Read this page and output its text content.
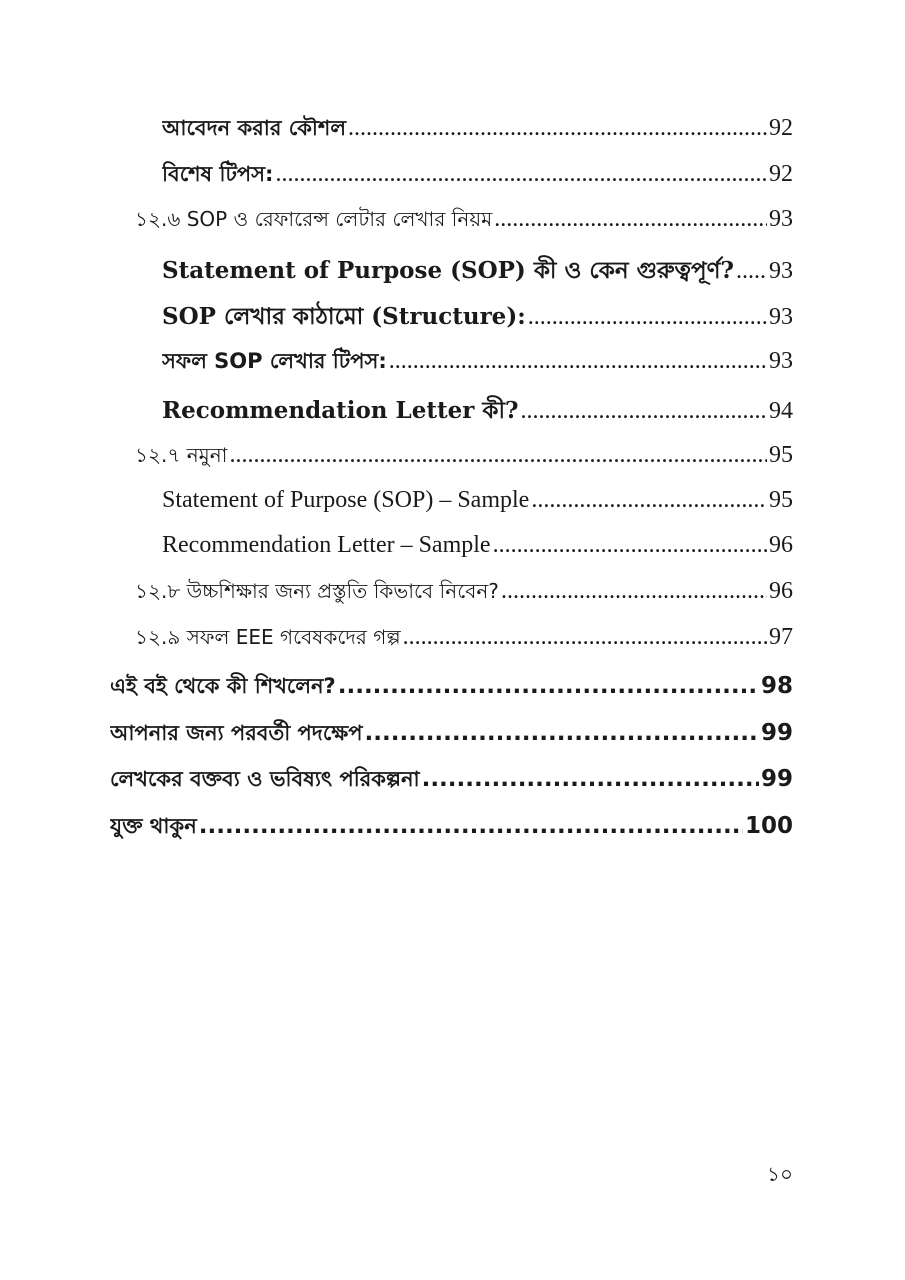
আবেদন করার কৌশল .....	92
বিশেষ টিপস: .....	92
১২.৬ SOP ও রেফারেন্স লেটার লেখার নিয়ম .....	93
Statement of Purpose (SOP) কী ও কেন গুরুত্বপূর্ণ? ..... 93
SOP লেখার কাঠামো (Structure): .....	93
সফল SOP লেখার টিপস: .....	93
Recommendation Letter কী? .....	94
১২.৭ নমুনা .....	95
Statement of Purpose (SOP) – Sample .....	95
Recommendation Letter – Sample .....	96
১২.৮ উচ্চশিক্ষার জন্য প্রস্তুতি কিভাবে নিবেন? .....	96
১২.৯ সফল EEE গবেষকদের গল্প .....	97
এই বই থেকে কী শিখলেন? .....	98
আপনার জন্য পরবর্তী পদক্ষেপ .....	99
লেখকের বক্তব্য ও ভবিষ্যৎ পরিকল্পনা .....	99
যুক্ত থাকুন .....	100
১০
